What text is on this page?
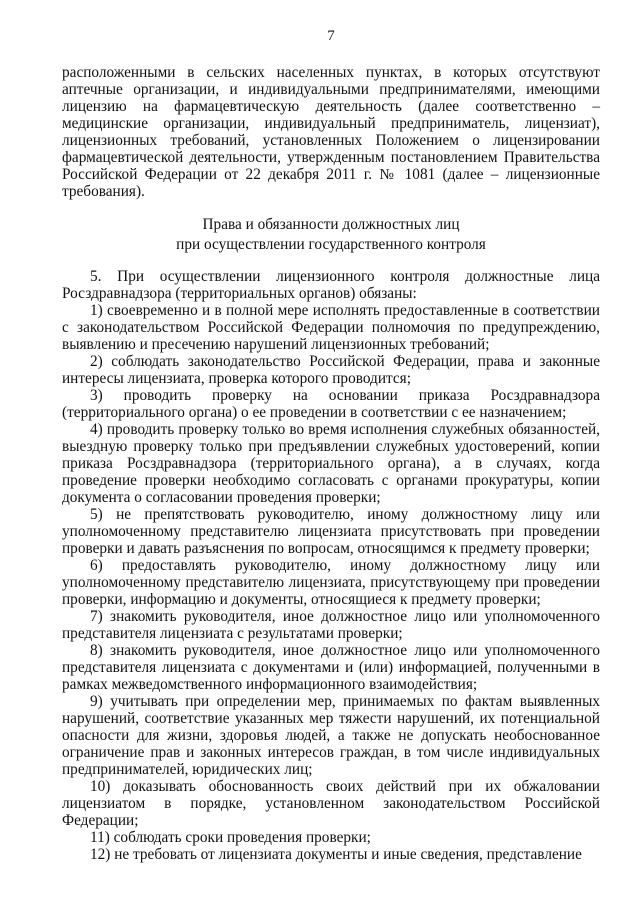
7

расположенными в сельских населенных пунктах, в которых отсутствуют аптечные организации, и индивидуальными предпринимателями, имеющими лицензию на фармацевтическую деятельность (далее соответственно – медицинские организации, индивидуальный предприниматель, лицензиат), лицензионных требований, установленных Положением о лицензировании фармацевтической деятельности, утвержденным постановлением Правительства Российской Федерации от 22 декабря 2011 г. № 1081 (далее – лицензионные требования).

Права и обязанности должностных лиц
при осуществлении государственного контроля

5. При осуществлении лицензионного контроля должностные лица Росздравнадзора (территориальных органов) обязаны:

1) своевременно и в полной мере исполнять предоставленные в соответствии с законодательством Российской Федерации полномочия по предупреждению, выявлению и пресечению нарушений лицензионных требований;

2) соблюдать законодательство Российской Федерации, права и законные интересы лицензиата, проверка которого проводится;

3) проводить проверку на основании приказа Росздравнадзора (территориального органа) о ее проведении в соответствии с ее назначением;

4) проводить проверку только во время исполнения служебных обязанностей, выездную проверку только при предъявлении служебных удостоверений, копии приказа Росздравнадзора (территориального органа), а в случаях, когда проведение проверки необходимо согласовать с органами прокуратуры, копии документа о согласовании проведения проверки;

5) не препятствовать руководителю, иному должностному лицу или уполномоченному представителю лицензиата присутствовать при проведении проверки и давать разъяснения по вопросам, относящимся к предмету проверки;

6) предоставлять руководителю, иному должностному лицу или уполномоченному представителю лицензиата, присутствующему при проведении проверки, информацию и документы, относящиеся к предмету проверки;

7) знакомить руководителя, иное должностное лицо или уполномоченного представителя лицензиата с результатами проверки;

8) знакомить руководителя, иное должностное лицо или уполномоченного представителя лицензиата с документами и (или) информацией, полученными в рамках межведомственного информационного взаимодействия;

9) учитывать при определении мер, принимаемых по фактам выявленных нарушений, соответствие указанных мер тяжести нарушений, их потенциальной опасности для жизни, здоровья людей, а также не допускать необоснованное ограничение прав и законных интересов граждан, в том числе индивидуальных предпринимателей, юридических лиц;

10) доказывать обоснованность своих действий при их обжаловании лицензиатом в порядке, установленном законодательством Российской Федерации;

11) соблюдать сроки проведения проверки;

12) не требовать от лицензиата документы и иные сведения, представление
